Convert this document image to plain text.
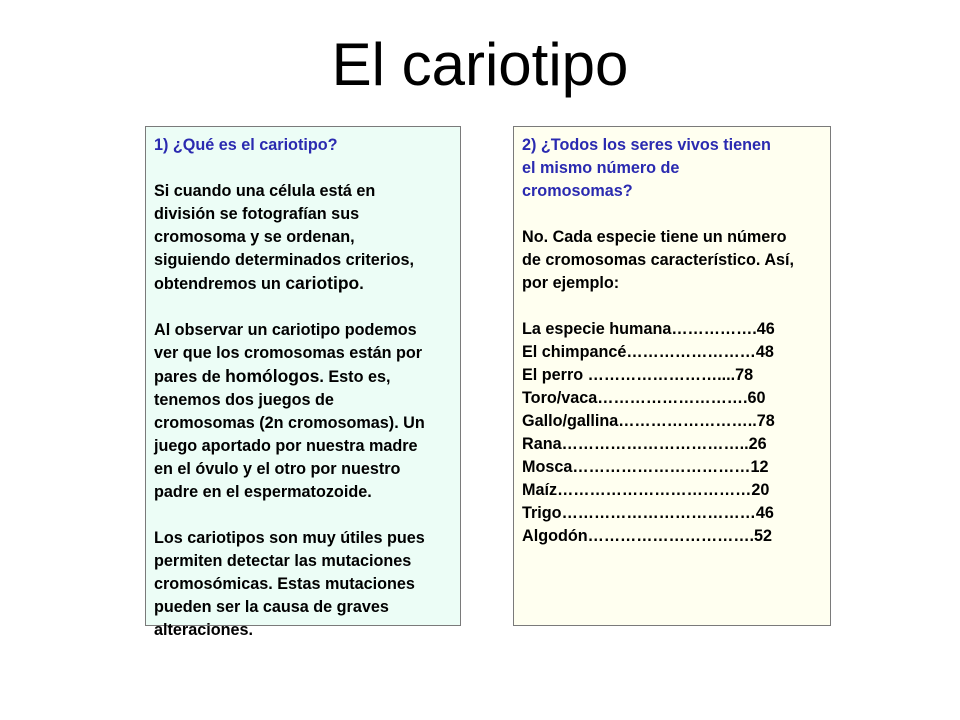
El cariotipo
1) ¿Qué es el cariotipo?
Si cuando una célula está en
división se fotografían sus
cromosoma y se ordenan,
siguiendo determinados criterios,
obtendremos un cariotipo.
Al observar un cariotipo podemos
ver que los cromosomas están por
pares de homólogos. Esto es,
tenemos dos juegos de
cromosomas (2n cromosomas). Un
juego aportado por nuestra madre
en el óvulo y el otro por nuestro
padre en el espermatozoide.
Los cariotipos son muy útiles pues
permiten detectar las mutaciones
cromosómicas. Estas mutaciones
pueden ser la causa de graves
alteraciones.
2) ¿Todos los seres vivos tienen
el mismo número de
cromosomas?
No. Cada especie tiene un número
de cromosomas característico. Así,
por ejemplo:
La especie humana…………….46
El chimpancé……………………48
El perro ……………………....78
Toro/vaca……………………….60
Gallo/gallina……………………..78
Rana……………………………..26
Mosca……………………………12
Maíz………………………………20
Trigo………………………………46
Algodón………………………….52
